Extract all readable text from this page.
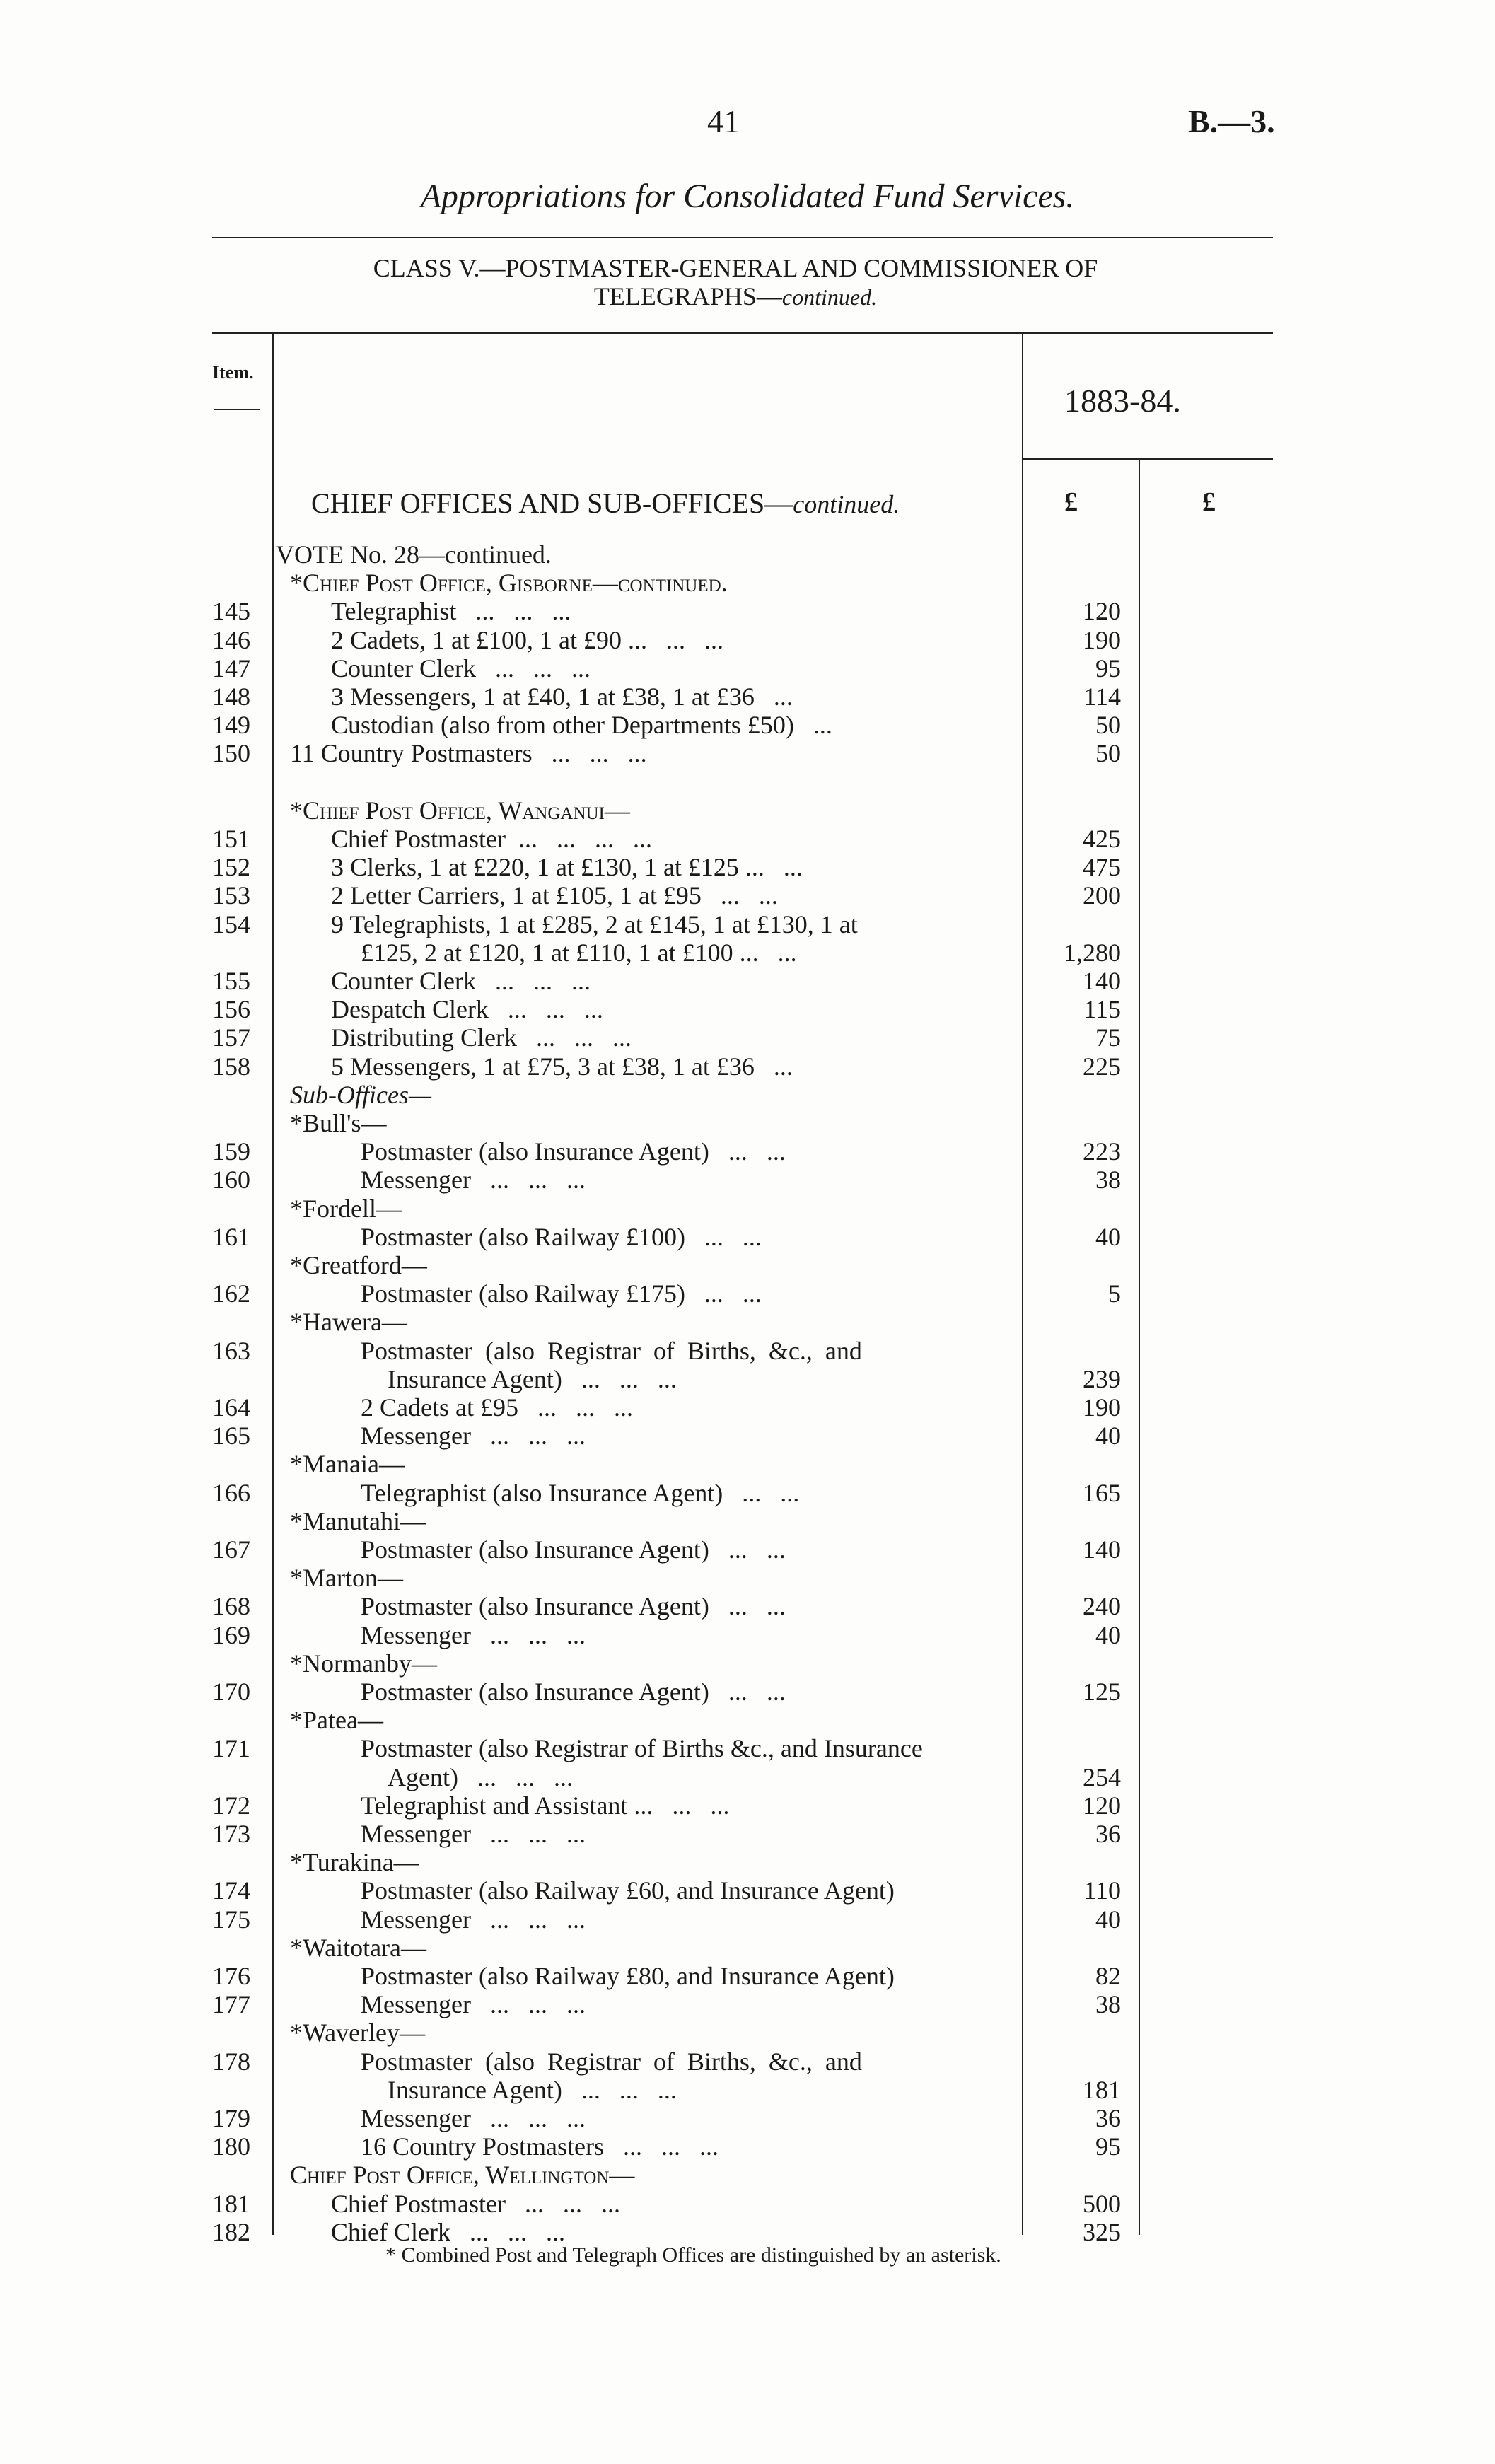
41	B.—3.
Appropriations for Consolidated Fund Services.
CLASS V.—POSTMASTER-GENERAL AND COMMISSIONER OF
TELEGRAPHS—continued.
Item.
1883-84.
CHIEF OFFICES AND SUB-OFFICES—continued.	£	£
VOTE No. 28—continued.
*Chief Post Office, Gisborne—continued.
145	Telegraphist   ...   ...   ...	120
146	2 Cadets, 1 at £100, 1 at £90 ...   ...   ...	190
147	Counter Clerk   ...   ...   ...	95
148	3 Messengers, 1 at £40, 1 at £38, 1 at £36   ...	114
149	Custodian (also from other Departments £50)   ...	50
150	11 Country Postmasters   ...   ...   ...	50
*Chief Post Office, Wanganui—
151	Chief Postmaster  ...   ...   ...   ...	425
152	3 Clerks, 1 at £220, 1 at £130, 1 at £125 ...   ...	475
153	2 Letter Carriers, 1 at £105, 1 at £95   ...   ...	200
154	9 Telegraphists, 1 at £285, 2 at £145, 1 at £130, 1 at
£125, 2 at £120, 1 at £110, 1 at £100 ...   ...	1,280
155	Counter Clerk   ...   ...   ...	140
156	Despatch Clerk   ...   ...   ...	115
157	Distributing Clerk   ...   ...   ...	75
158	5 Messengers, 1 at £75, 3 at £38, 1 at £36   ...	225
Sub-Offices—
*Bull's—
159	Postmaster (also Insurance Agent)   ...   ...	223
160	Messenger   ...   ...   ...	38
*Fordell—
161	Postmaster (also Railway £100)   ...   ...	40
*Greatford—
162	Postmaster (also Railway £175)   ...   ...	5
*Hawera—
163	Postmaster  (also  Registrar  of  Births,  &c.,  and
Insurance Agent)   ...   ...   ...	239
164	2 Cadets at £95   ...   ...   ...	190
165	Messenger   ...   ...   ...	40
*Manaia—
166	Telegraphist (also Insurance Agent)   ...   ...	165
*Manutahi—
167	Postmaster (also Insurance Agent)   ...   ...	140
*Marton—
168	Postmaster (also Insurance Agent)   ...   ...	240
169	Messenger   ...   ...   ...	40
*Normanby—
170	Postmaster (also Insurance Agent)   ...   ...	125
*Patea—
171	Postmaster (also Registrar of Births &c., and Insurance
Agent)   ...   ...   ...	254
172	Telegraphist and Assistant ...   ...   ...	120
173	Messenger   ...   ...   ...	36
*Turakina—
174	Postmaster (also Railway £60, and Insurance Agent)	110
175	Messenger   ...   ...   ...	40
*Waitotara—
176	Postmaster (also Railway £80, and Insurance Agent)	82
177	Messenger   ...   ...   ...	38
*Waverley—
178	Postmaster  (also  Registrar  of  Births,  &c.,  and
Insurance Agent)   ...   ...   ...	181
179	Messenger   ...   ...   ...	36
180	16 Country Postmasters   ...   ...   ...	95
Chief Post Office, Wellington—
181	Chief Postmaster   ...   ...   ...	500
182	Chief Clerk   ...   ...   ...	325
* Combined Post and Telegraph Offices are distinguished by an asterisk.
